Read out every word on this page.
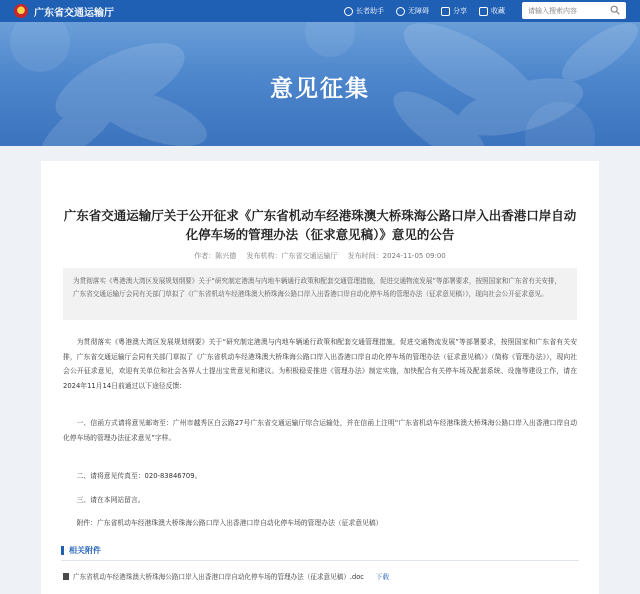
广东省交通运输厅	长者助手	无障碍	分享	收藏
请输入搜索内容
意见征集
广东省交通运输厅关于公开征求《广东省机动车经港珠澳大桥珠海公路口岸入出香港口岸自动
化停车场的管理办法（征求意见稿）》意见的公告
作者：陈兴德 发布机构：广东省交通运输厅 发布时间：2024-11-05 09:00
为贯彻落实《粤港澳大湾区发展规划纲要》关于“研究制定港澳与内地车辆通行政策和配套交通管理措施，促进交通物流发展”等部署要求，按照国家和广东省有关安排，广东省交通运输厅会同有关部门草拟了《广东省机动车经港珠澳大桥珠海公路口岸入出香港口岸自动化停车场的管理办法（征求意见稿）》，现向社会公开征求意见。

为贯彻落实《粤港澳大湾区发展规划纲要》关于“研究制定港澳与内地车辆通行政策和配套交通管理措施，促进交通物流发展”等部署要求，按照国家和广东省有关安排，广东省交通运输厅会同有关部门草拟了《广东省机动车经港珠澳大桥珠海公路口岸入出香港口岸自动化停车场的管理办法（征求意见稿）》（简称《管理办法》），现向社会公开征求意见，欢迎有关单位和社会各界人士提出宝贵意见和建议。为积极稳妥推进《管理办法》制定实施，加快配合有关停车场及配套系统、设施等建设工作，请在2024年11月14日前通过以下途径反馈：

一、信函方式请将意见邮寄至：广州市越秀区白云路27号广东省交通运输厅综合运输处，并在信函上注明“广东省机动车经港珠澳大桥珠海公路口岸入出香港口岸自动化停车场的管理办法征求意见”字样。

二、请将意见传真至：020-83846709。

三、请在本网站留言。

附件：广东省机动车经港珠澳大桥珠海公路口岸入出香港口岸自动化停车场的管理办法（征求意见稿）

相关附件
广东省机动车经港珠澳大桥珠海公路口岸入出香港口岸自动化停车场的管理办法（征求意见稿）.doc 下载
